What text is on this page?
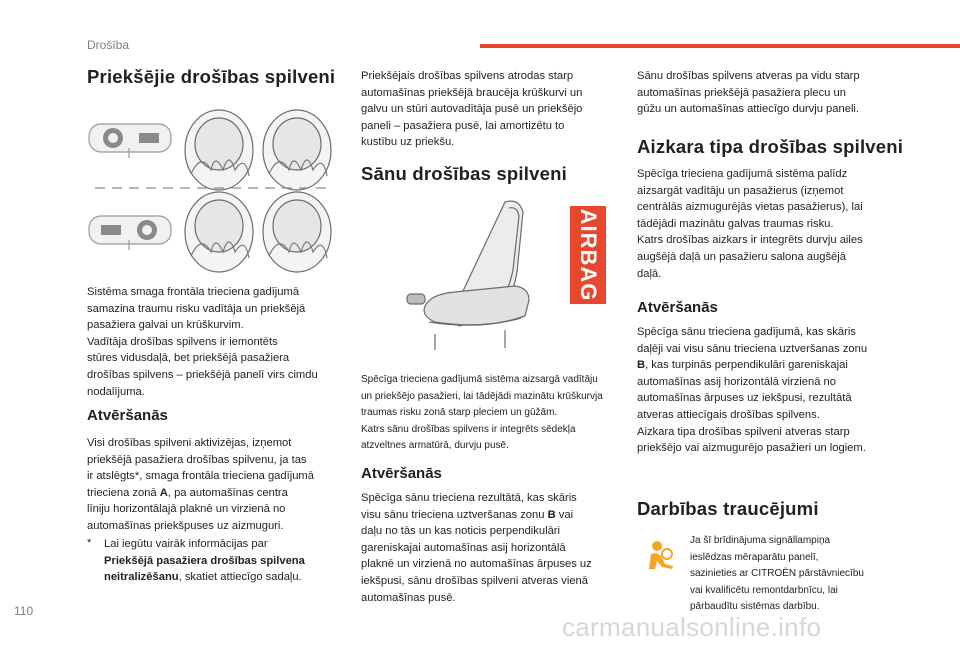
Drošība
Priekšējie drošības spilveni

Sistēma smaga frontāla trieciena gadījumā

samazina traumu risku vadītāja un priekšējā

pasažiera galvai un krūškurvim.

Vadītāja drošības spilvens ir iemontēts

stūres vidusdaļā, bet priekšējā pasažiera

drošības spilvens – priekšējā panelī virs cimdu

nodalījuma.

Atvēršanās

Visi drošības spilveni aktivizējas, izņemot

priekšējā pasažiera drošības spilvenu, ja tas

ir atslēgts*, smaga frontāla trieciena gadījumā

trieciena zonā A, pa automašīnas centra

līniju horizontālajā plaknē un virzienā no

automašīnas priekšpuses uz aizmuguri.

* Lai iegūtu vairāk informācijas par
Priekšējā pasažiera drošības spilvena
neitralizēšanu, skatiet attiecīgo sadaļu.
110

Priekšējais drošības spilvens atrodas starp

automašīnas priekšējā braucēja krūškurvi un

galvu un stūri autovadītāja pusē un priekšējo

paneli – pasažiera pusē, lai amortizētu to

kustību uz priekšu.

Sānu drošības spilveni
AIRBAG

Spēcīga trieciena gadījumā sistēma aizsargā vadītāju

un priekšējo pasažieri, lai tādējādi mazinātu krūškurvja

traumas risku zonā starp pleciem un gūžām.

Katrs sānu drošības spilvens ir integrēts sēdekļa

atzveltnes armatūrā, durvju pusē.

Atvēršanās

Spēcīga sānu trieciena rezultātā, kas skāris

visu sānu trieciena uztveršanas zonu B vai

daļu no tās un kas noticis perpendikulāri

gareniskajai automašīnas asij horizontālā

plaknē un virzienā no automašīnas ārpuses uz

iekšpusi, sānu drošības spilveni atveras vienā

automašīnas pusē.

Sānu drošības spilvens atveras pa vidu starp

automašīnas priekšējā pasažiera plecu un

gūžu un automašīnas attiecīgo durvju paneli.

Aizkara tipa drošības spilveni

Spēcīga trieciena gadījumā sistēma palīdz

aizsargāt vadītāju un pasažierus (izņemot

centrālās aizmugurējās vietas pasažierus), lai

tādējādi mazinātu galvas traumas risku.

Katrs drošības aizkars ir integrēts durvju ailes

augšējā daļā un pasažieru salona augšējā

daļā.

Atvēršanās

Spēcīga sānu trieciena gadījumā, kas skāris

daļēji vai visu sānu trieciena uztveršanas zonu

B, kas turpinās perpendikulāri gareniskajai

automašīnas asij horizontālā virzienā no

automašīnas ārpuses uz iekšpusi, rezultātā

atveras attiecīgais drošības spilvens.

Aizkara tipa drošības spilveni atveras starp

priekšējo vai aizmugurējo pasažieri un logiem.

Darbības traucējumi

Ja šī brīdinājuma signāllampiņa

ieslēdzas mēraparātu panelī,

sazinieties ar CITROËN pārstāvniecību

vai kvalificētu remontdarbnīcu, lai

pārbaudītu sistēmas darbību.

carmanualsonline.info
